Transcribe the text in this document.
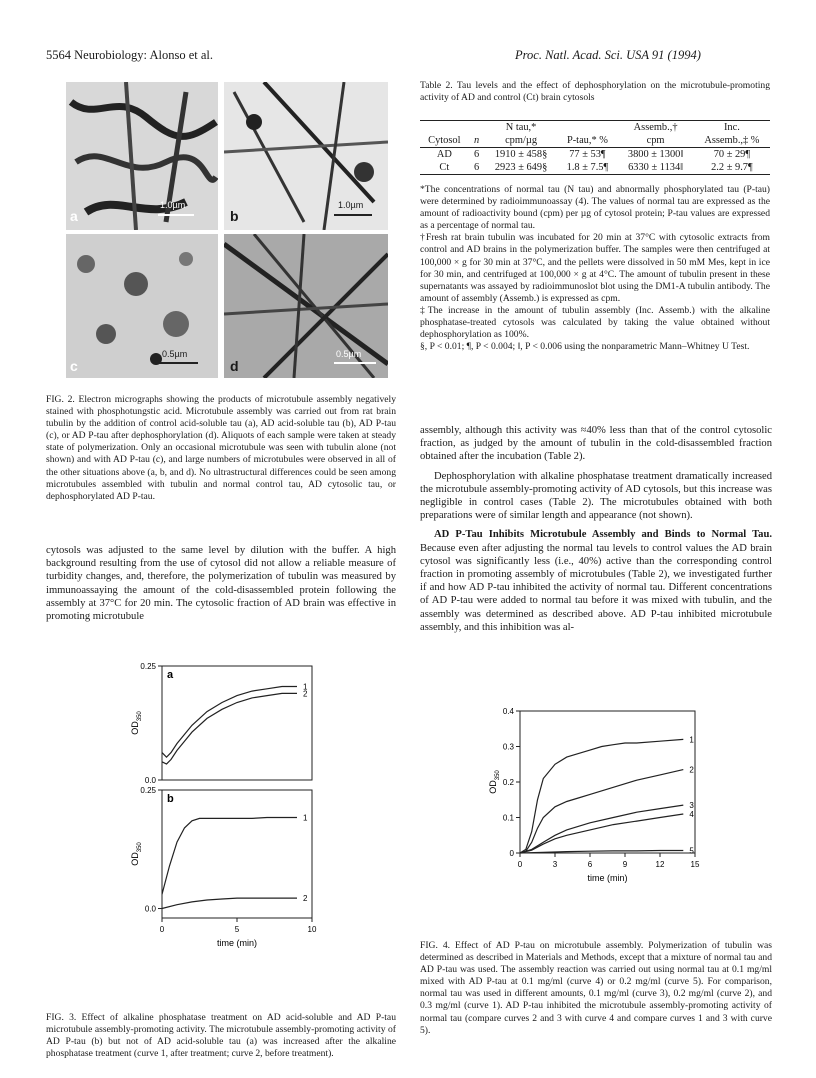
5564 Neurobiology: Alonso et al.	Proc. Natl. Acad. Sci. USA 91 (1994)
1.0µm
a
1.0µm
b
0.5µm
c
0.5µm
d
FIG. 2. Electron micrographs showing the products of microtubule assembly negatively stained with phosphotungstic acid. Microtubule assembly was carried out from rat brain tubulin by the addition of control acid-soluble tau (a), AD acid-soluble tau (b), AD P-tau (c), or AD P-tau after dephosphorylation (d). Aliquots of each sample were taken at steady state of polymerization. Only an occasional microtubule was seen with tubulin alone (not shown) and with AD P-tau (c), and large numbers of microtubules were observed in all of the other situations above (a, b, and d). No ultrastructural differences could be seen among microtubules assembled with tubulin and normal control tau, AD cytosolic tau, or dephosphorylated AD P-tau.
cytosols was adjusted to the same level by dilution with the buffer. A high background resulting from the use of cytosol did not allow a reliable measure of turbidity changes, and, therefore, the polymerization of tubulin was measured by immunoassaying the amount of the cold-disassembled protein following the assembly at 37°C for 20 min. The cytosolic fraction of AD brain was effective in promoting microtubule
0.25
0.0
$OD_{350}$
1
2
a
0.25
0.0
0	5	10
time (min)
$OD_{350}$
1
2
b
FIG. 3. Effect of alkaline phosphatase treatment on AD acid-soluble and AD P-tau microtubule assembly-promoting activity. The microtubule assembly-promoting activity of AD P-tau (b) but not of AD acid-soluble tau (a) was increased after the alkaline phosphatase treatment (curve 1, after treatment; curve 2, before treatment).
Table 2. Tau levels and the effect of dephosphorylation on the microtubule-promoting activity of AD and control (Ct) brain cytosols
		N tau,*		Assemb.,†	Inc.
Cytosol	n	cpm/µg	P-tau,* %	cpm	Assemb.,‡ %
AD	6	1910 ± 458§	77 ± 53¶	3800 ± 1300‖	70 ± 29¶
Ct	6	2923 ± 649§	1.8 ± 7.5¶	6330 ± 1134‖	2.2 ± 9.7¶

*The concentrations of normal tau (N tau) and abnormally phosphorylated tau (P-tau) were determined by radioimmunoassay (4). The values of normal tau are expressed as the amount of radioactivity bound (cpm) per µg of cytosol protein; P-tau values are expressed as a percentage of normal tau.

†Fresh rat brain tubulin was incubated for 20 min at 37°C with cytosolic extracts from control and AD brains in the polymerization buffer. The samples were then centrifuged at 100,000 × g for 30 min at 37°C, and the pellets were dissolved in 50 mM Mes, kept in ice for 30 min, and centrifuged at 100,000 × g at 4°C. The amount of tubulin present in these supernatants was assayed by radioimmunoslot blot using the DM1-A tubulin antibody. The amount of assembly (Assemb.) is expressed as cpm.

‡The increase in the amount of tubulin assembly (Inc. Assemb.) with the alkaline phosphatase-treated cytosols was calculated by taking the value obtained without dephosphorylation as 100%.

§, P < 0.01; ¶, P < 0.004; ‖, P < 0.006 using the nonparametric Mann–Whitney U Test.

assembly, although this activity was ≈40% less than that of the control cytosolic fraction, as judged by the amount of tubulin in the cold-disassembled fraction obtained after the incubation (Table 2).

Dephosphorylation with alkaline phosphatase treatment dramatically increased the microtubule assembly-promoting activity of AD cytosols, but this increase was negligible in control cases (Table 2). The microtubules obtained with both preparations were of similar length and appearance (not shown).

AD P-Tau Inhibits Microtubule Assembly and Binds to Normal Tau. Because even after adjusting the normal tau levels to control values the AD brain cytosol was significantly less (i.e., 40%) active than the corresponding control fraction in promoting assembly of microtubules (Table 2), we investigated further if and how AD P-tau inhibited the activity of normal tau. Different concentrations of AD P-tau were added to normal tau before it was mixed with tubulin, and the assembly was determined as described above. AD P-tau inhibited microtubule assembly, and this inhibition was al-

0.4
0.3
0.2
0.1
0
0	3	6	9	12	15
time (min)
$OD_{350}$
1
2
3
4
5
FIG. 4. Effect of AD P-tau on microtubule assembly. Polymerization of tubulin was determined as described in Materials and Methods, except that a mixture of normal tau and AD P-tau was used. The assembly reaction was carried out using normal tau at 0.1 mg/ml mixed with AD P-tau at 0.1 mg/ml (curve 4) or 0.2 mg/ml (curve 5). For comparison, normal tau was used in different amounts, 0.1 mg/ml (curve 3), 0.2 mg/ml (curve 2), and 0.3 mg/ml (curve 1). AD P-tau inhibited the microtubule assembly-promoting activity of normal tau (compare curves 2 and 3 with curve 4 and compare curves 1 and 3 with curve 5).
